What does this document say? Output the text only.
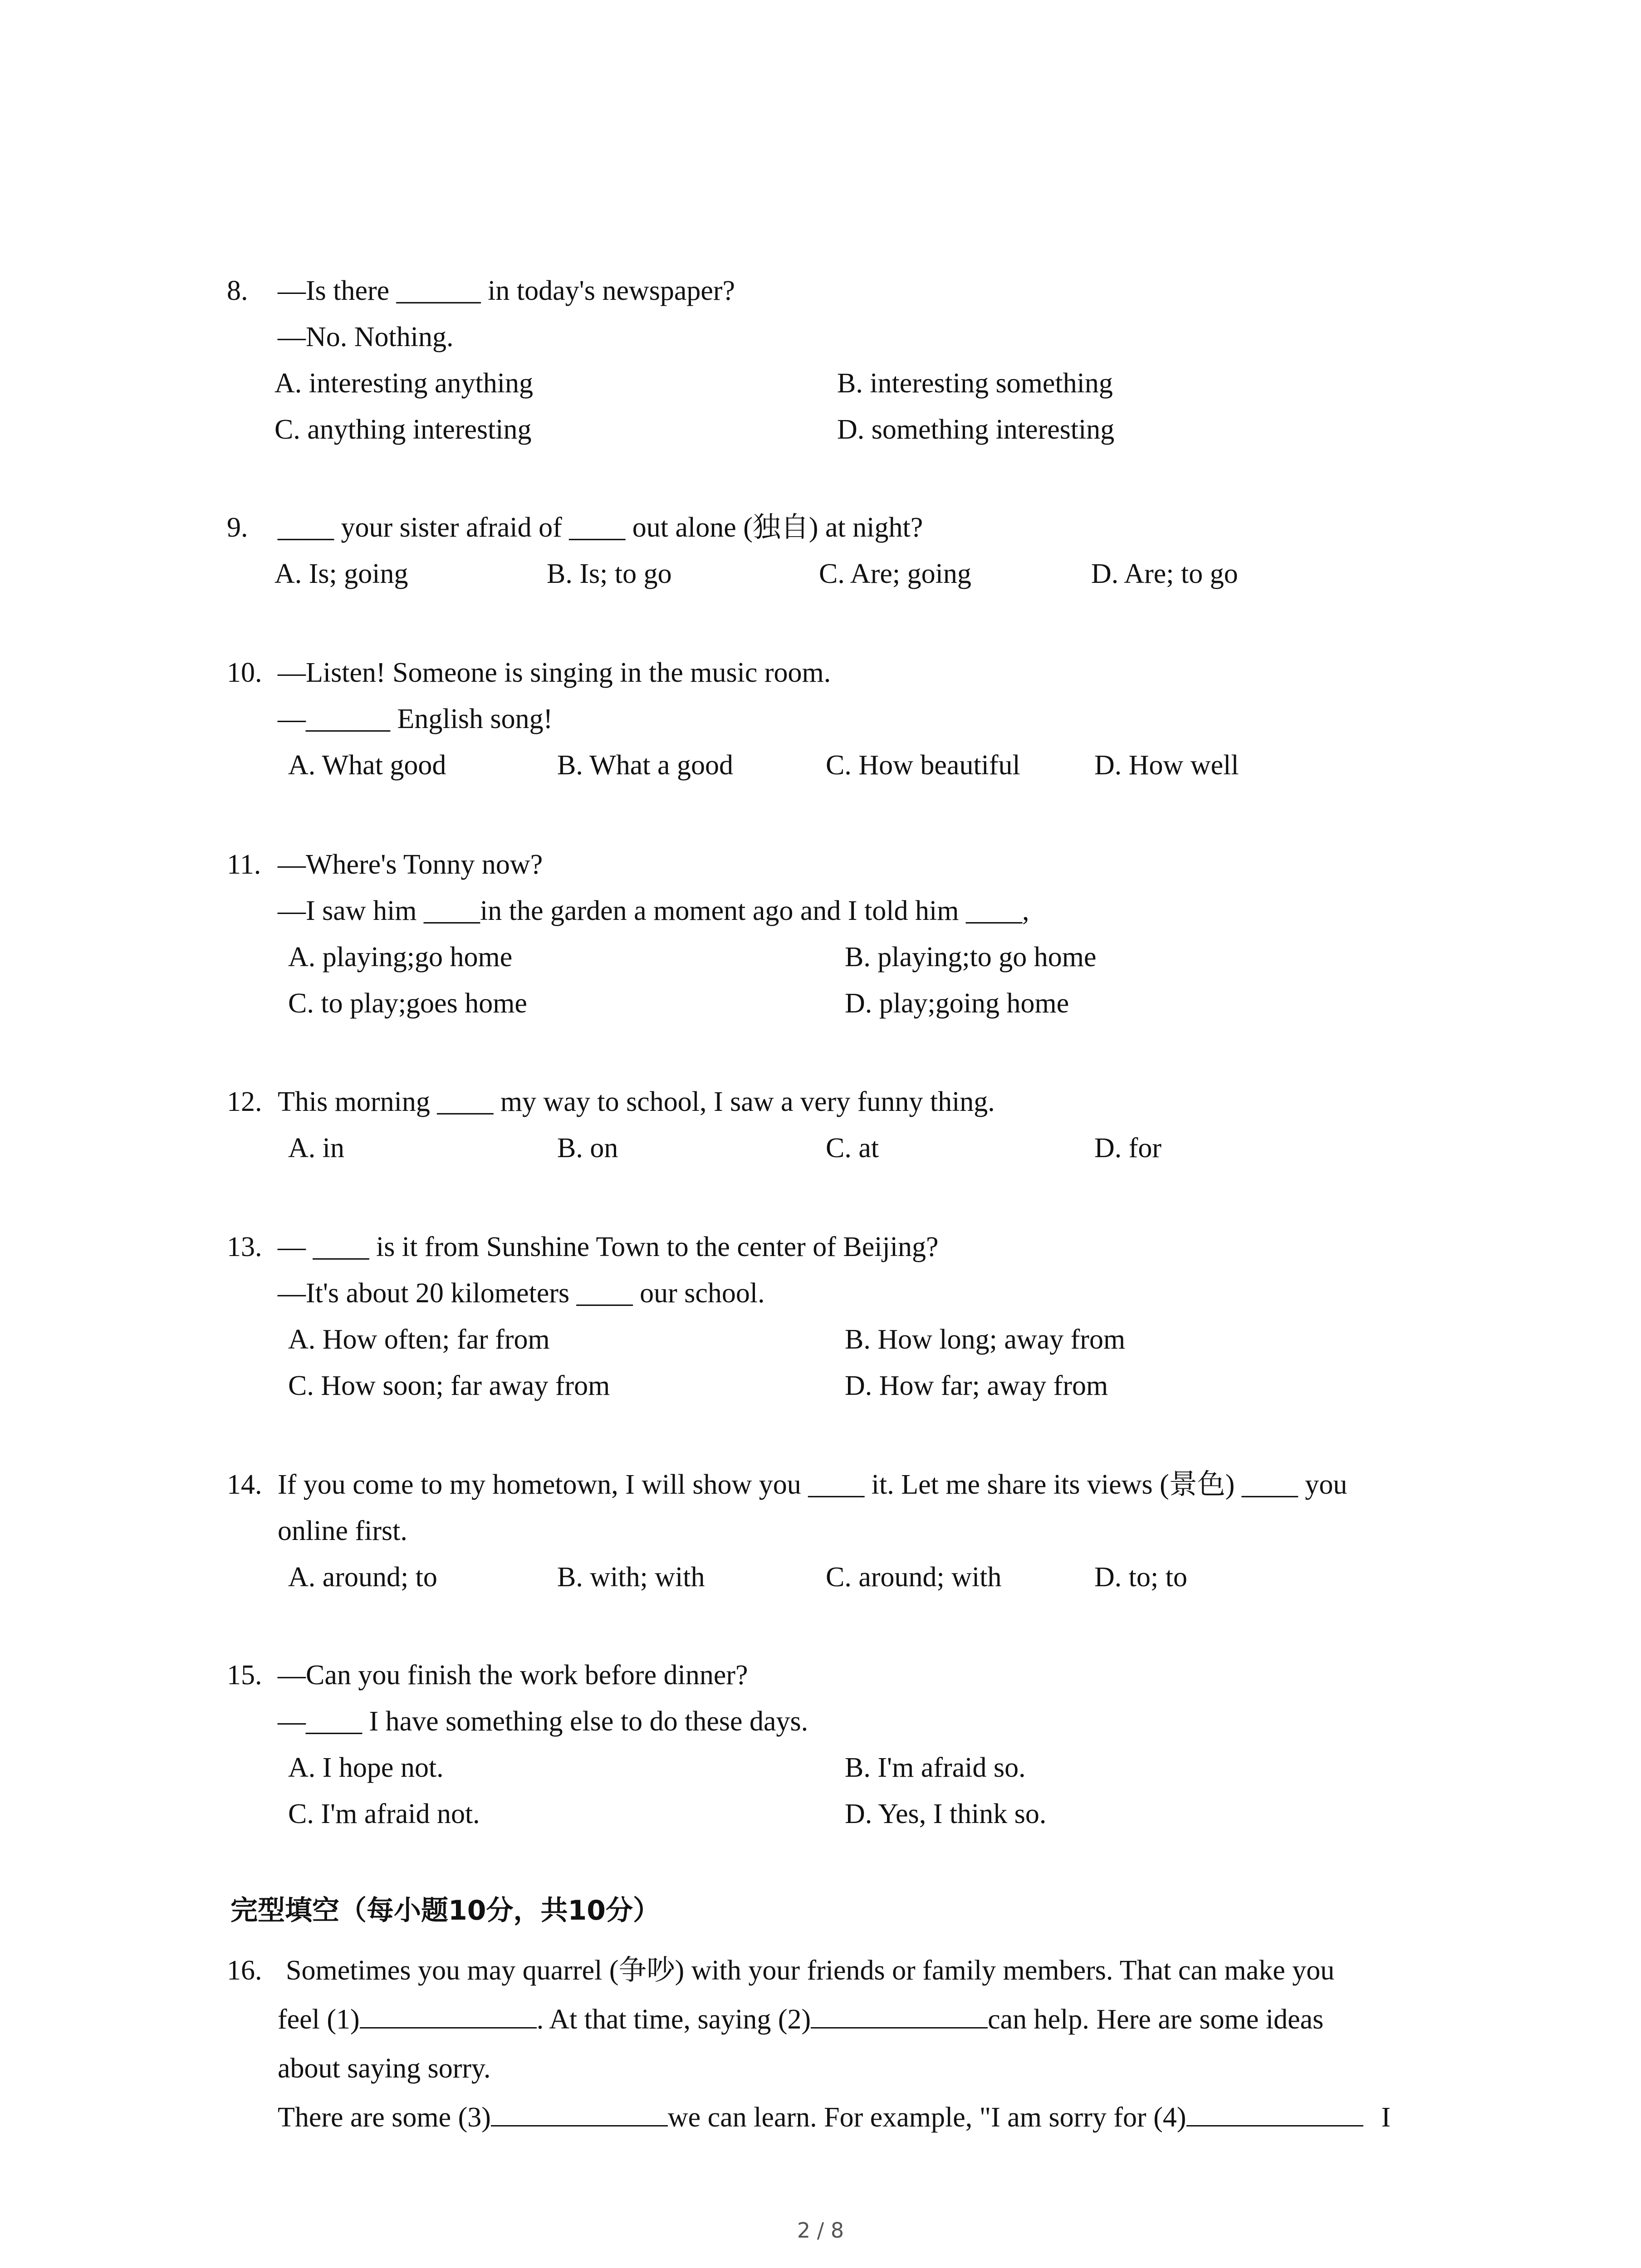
8. —Is there ______ in today's newspaper?
—No. Nothing.
A. interesting anything	B. interesting something
C. anything interesting	D. something interesting
9. ____ your sister afraid of ____ out alone (独自) at night?
A. Is; going	B. Is; to go	C. Are; going	D. Are; to go
10. —Listen! Someone is singing in the music room.
—______ English song!
A. What good	B. What a good	C. How beautiful	D. How well
11. —Where's Tonny now?
—I saw him ____in the garden a moment ago and I told him ____,
A. playing;go home	B. playing;to go home
C. to play;goes home	D. play;going home
12. This morning ____ my way to school, I saw a very funny thing.
A. in	B. on	C. at	D. for
13. — ____ is it from Sunshine Town to the center of Beijing?
—It's about 20 kilometers ____ our school.
A. How often; far from	B. How long; away from
C. How soon; far away from	D. How far; away from
14. If you come to my hometown, I will show you ____ it. Let me share its views (景色) ____ you
online first.
A. around; to	B. with; with	C. around; with	D. to; to
15. —Can you finish the work before dinner?
—____ I have something else to do these days.
A. I hope not.	B. I'm afraid so.
C. I'm afraid not.	D. Yes, I think so.
完型填空（每小题10分，共10分）
16. Sometimes you may quarrel (争吵) with your friends or family members. That can make you
feel (1)	. At that time, saying (2)	can help. Here are some ideas
about saying sorry.
There are some (3)	we can learn. For example, "I am sorry for (4)	I
2 / 8
